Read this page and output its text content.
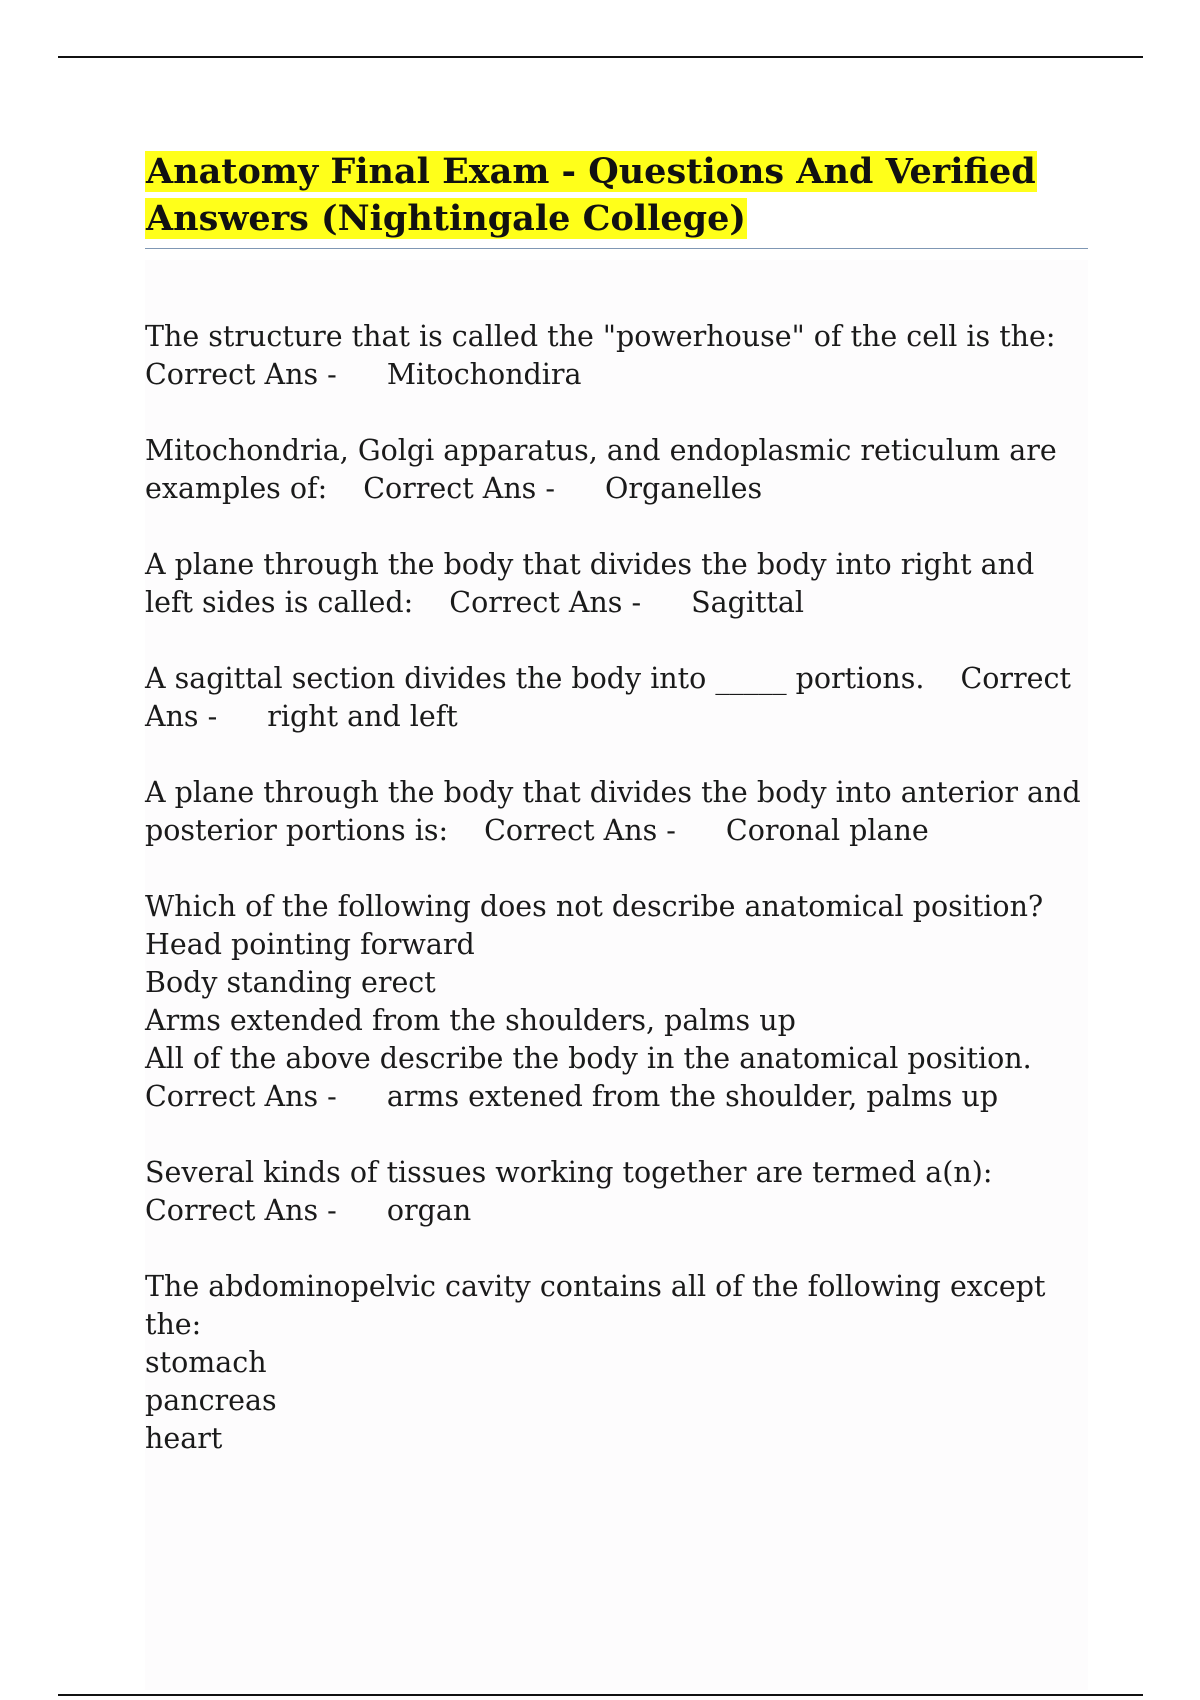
Anatomy Final Exam - Questions And Verified Answers (Nightingale College)
The structure that is called the "powerhouse" of the cell is the:
Correct Ans - Mitochondira
Mitochondria, Golgi apparatus, and endoplasmic reticulum are examples of: Correct Ans - Organelles
A plane through the body that divides the body into right and left sides is called: Correct Ans - Sagittal
A sagittal section divides the body into _____ portions. Correct Ans - right and left
A plane through the body that divides the body into anterior and posterior portions is: Correct Ans - Coronal plane
Which of the following does not describe anatomical position?
Head pointing forward
Body standing erect
Arms extended from the shoulders, palms up
All of the above describe the body in the anatomical position.
Correct Ans - arms extened from the shoulder, palms up
Several kinds of tissues working together are termed a(n):Correct Ans - organ
The abdominopelvic cavity contains all of the following except the:
stomach
pancreas
heart
